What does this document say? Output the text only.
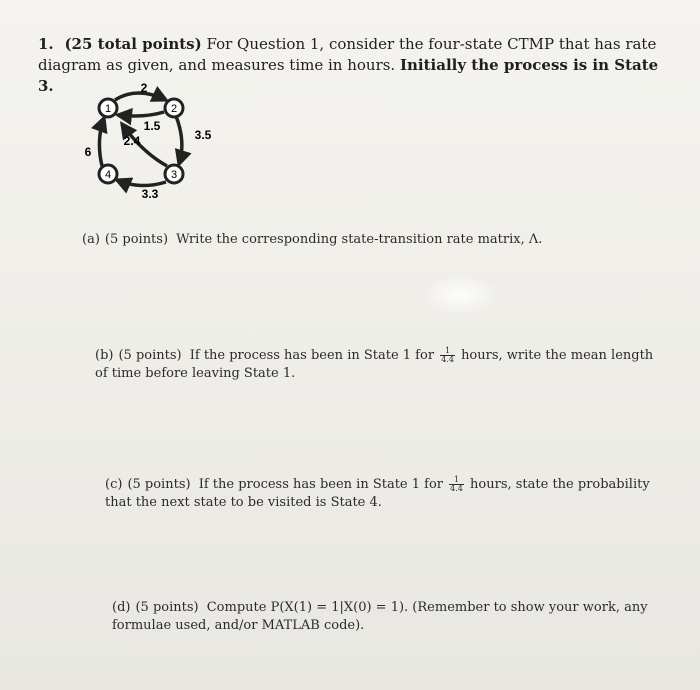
1. (25 total points) For Question 1, consider the four-state CTMP that has rate diagram as given, and measures time in hours. Initially the process is in State 3.
1	2
3
4
2
1.5
3.5
2.4
6
3.3
(a) (5 points) Write the corresponding state-transition rate matrix, Λ.
(b) (5 points) If the process has been in State 1 for $\frac{1}{4.4}$ hours, write the mean length of time before leaving State 1.
(c) (5 points) If the process has been in State 1 for $\frac{1}{4.4}$ hours, state the probability that the next state to be visited is State 4.
(d) (5 points) Compute P(X(1) = 1|X(0) = 1). (Remember to show your work, any formulae used, and/or MATLAB code).
